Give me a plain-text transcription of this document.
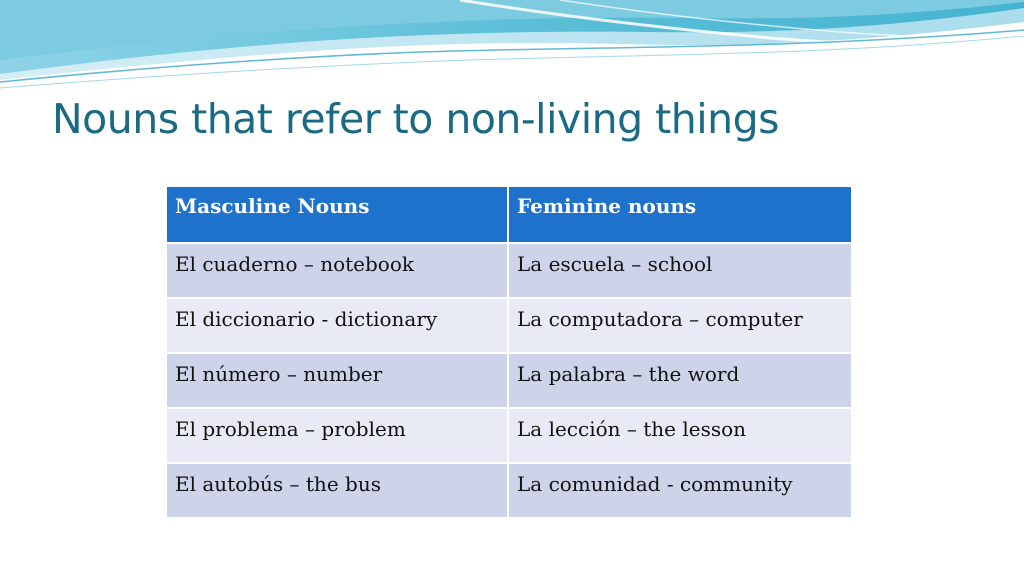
Nouns that refer to non-living things
Masculine Nouns	Feminine nouns
El cuaderno – notebook	La escuela – school
El diccionario - dictionary	La computadora – computer
El número – number	La palabra – the word
El problema – problem	La lección – the lesson
El autobús – the bus	La comunidad - community
